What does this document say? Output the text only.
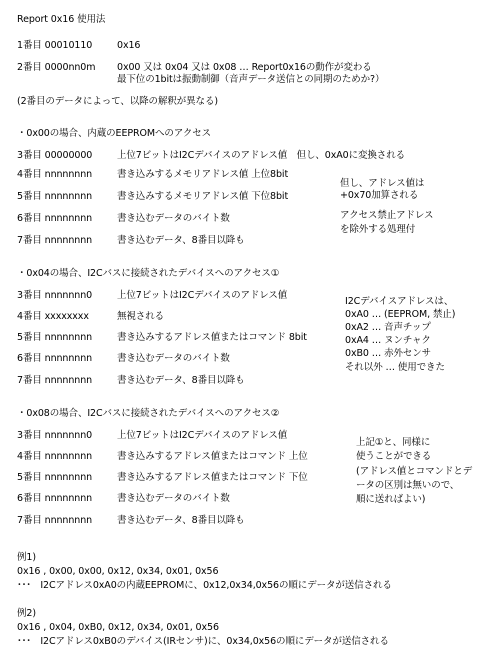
Report 0x16 使用法
1番目 00010110	0x16
2番目 0000nn0m 0x00 又は 0x04 又は 0x08 … Report0x16の動作が変わる
最下位の1bitは振動制御（音声データ送信との同期のためか?）
(2番目のデータによって、以降の解釈が異なる)
・0x00の場合、内蔵のEEPROMへのアクセス
3番目 00000000	上位7ビットはI2Cデバイスのアドレス値　但し、0xA0に変換される
4番目 nnnnnnnn	書き込みするメモリアドレス値 上位8bit
5番目 nnnnnnnn	書き込みするメモリアドレス値 下位8bit
6番目 nnnnnnnn	書き込むデータのバイト数
7番目 nnnnnnnn	書き込むデータ、8番目以降も
但し、アドレス値は
+0x70加算される
アクセス禁止アドレス
を除外する処理付
・0x04の場合、I2Cバスに接続されたデバイスへのアクセス①
3番目 nnnnnnn0	上位7ビットはI2Cデバイスのアドレス値
4番目 xxxxxxxx	無視される
5番目 nnnnnnnn	書き込みするアドレス値またはコマンド 8bit
6番目 nnnnnnnn	書き込むデータのバイト数
7番目 nnnnnnnn	書き込むデータ、8番目以降も
I2Cデバイスアドレスは、
0xA0 … (EEPROM, 禁止)
0xA2 … 音声チップ
0xA4 … ヌンチャク
0xB0 … 赤外センサ
それ以外 … 使用できた
・0x08の場合、I2Cバスに接続されたデバイスへのアクセス②
3番目 nnnnnnn0	上位7ビットはI2Cデバイスのアドレス値
4番目 nnnnnnnn	書き込みするアドレス値またはコマンド 上位
5番目 nnnnnnnn	書き込みするアドレス値またはコマンド 下位
6番目 nnnnnnnn	書き込むデータのバイト数
7番目 nnnnnnnn	書き込むデータ、8番目以降も
上記①と、同様に
使うことができる
(アドレス値とコマンドとデ
ータの区別は無いので、
順に送ればよい)
例1)
0x16 , 0x00, 0x00, 0x12, 0x34, 0x01, 0x56
･･･　I2Cアドレス0xA0の内蔵EEPROMに、0x12,0x34,0x56の順にデータが送信される
例2)
0x16 , 0x04, 0xB0, 0x12, 0x34, 0x01, 0x56
･･･　I2Cアドレス0xB0のデバイス(IRセンサ)に、0x34,0x56の順にデータが送信される
